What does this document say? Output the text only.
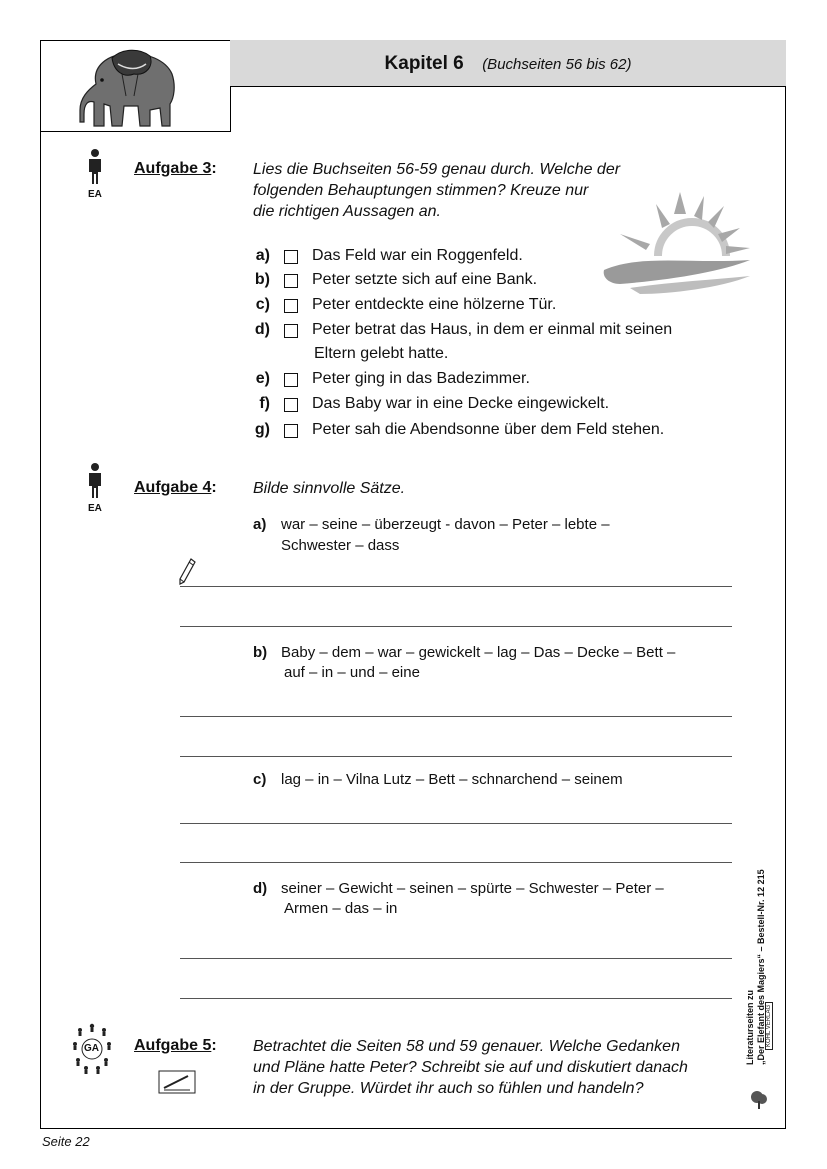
Kapitel 6 (Buchseiten 56 bis 62)
EA
Aufgabe 3: Lies die Buchseiten 56-59 genau durch. Welche der
folgenden Behauptungen stimmen? Kreuze nur
die richtigen Aussagen an.
a)	Das Feld war ein Roggenfeld.
b)	Peter setzte sich auf eine Bank.
c)	Peter entdeckte eine hölzerne Tür.
d)	Peter betrat das Haus, in dem er einmal mit seinen
Eltern gelebt hatte.
e)	Peter ging in das Badezimmer.
f)	Das Baby war in eine Decke eingewickelt.
g)	Peter sah die Abendsonne über dem Feld stehen.
EA
Aufgabe 4: Bilde sinnvolle Sätze.
a) war – seine – überzeugt - davon – Peter – lebte –
Schwester – dass
b) Baby – dem – war – gewickelt – lag – Das – Decke – Bett –
auf – in – und – eine
c) lag – in – Vilna Lutz – Bett – schnarchend – seinem
d) seiner – Gewicht – seinen – spürte – Schwester – Peter –
Armen – das – in
GA Aufgabe 5: Betrachtet die Seiten 58 und 59 genauer. Welche Gedanken
und Pläne hatte Peter? Schreibt sie auf und diskutiert danach
in der Gruppe. Würdet ihr auch so fühlen und handeln?
Literaturseiten zu „Der Elefant des Magiers“ – Bestell-Nr. 12 215 KOHL VERLAG
Seite 22
